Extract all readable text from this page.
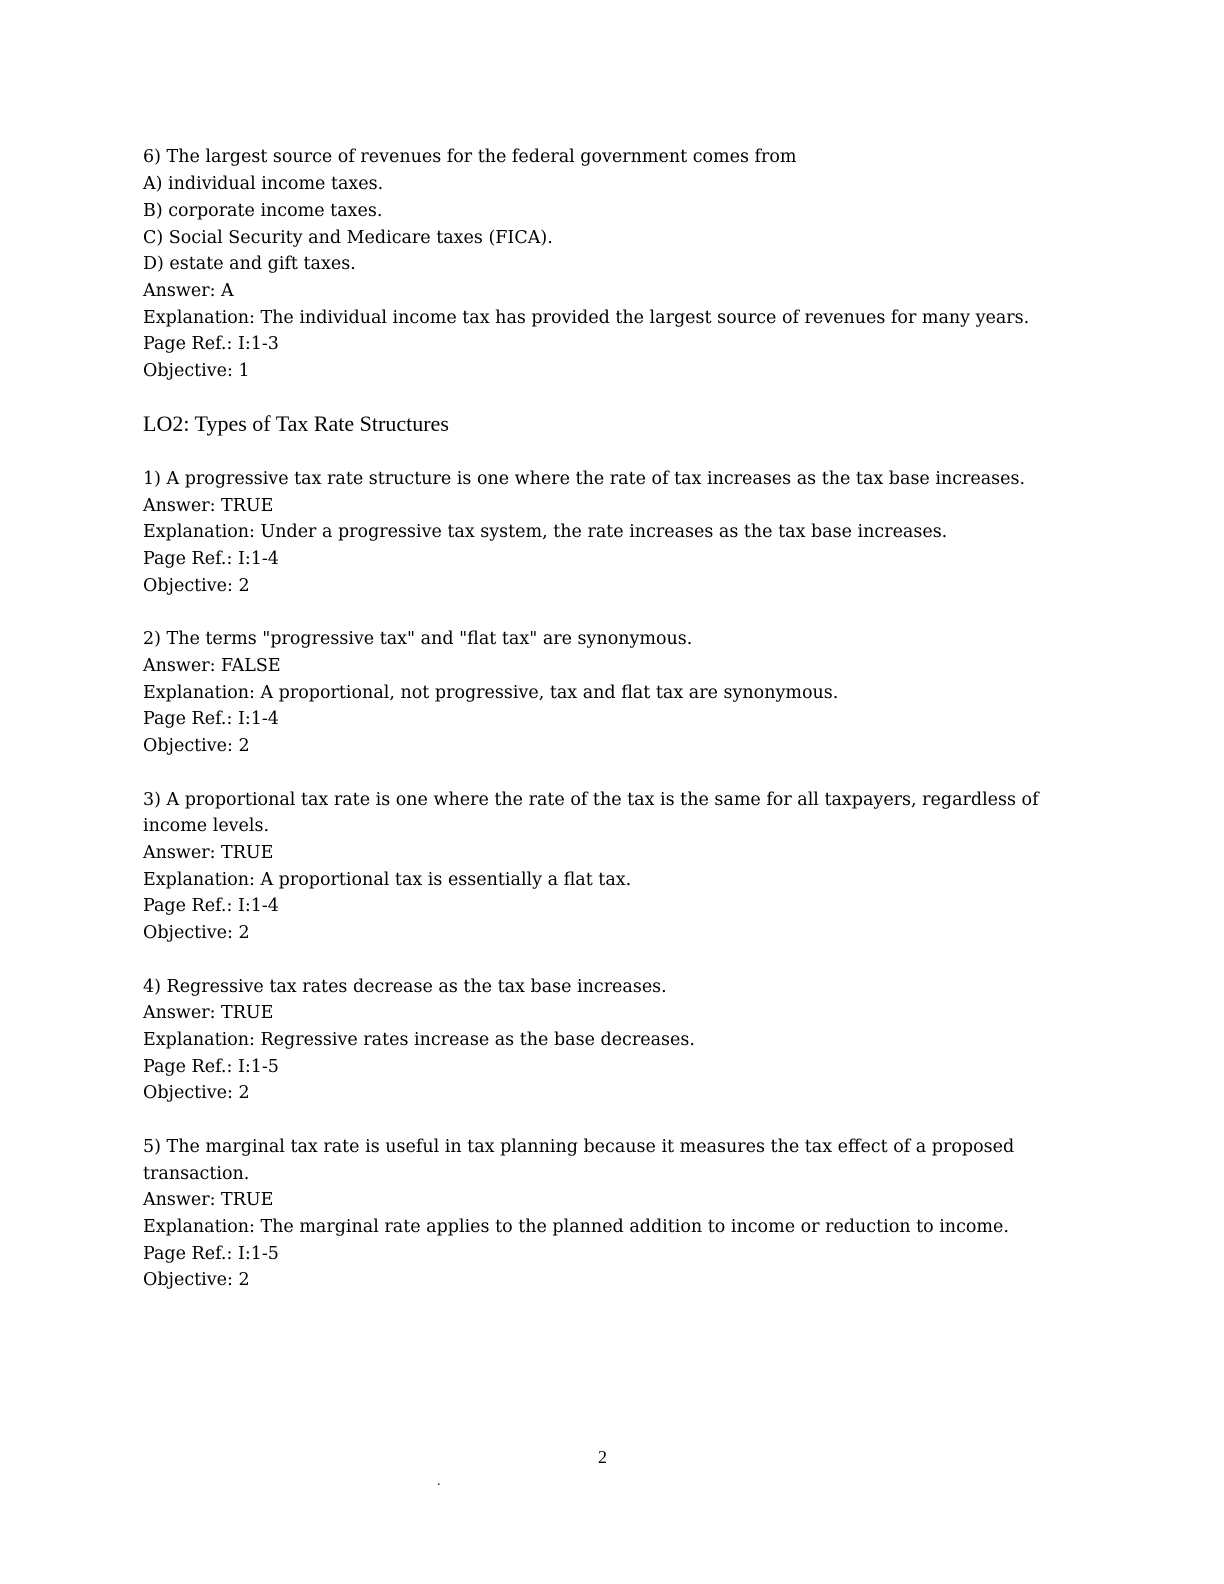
6) The largest source of revenues for the federal government comes from
A) individual income taxes.
B) corporate income taxes.
C) Social Security and Medicare taxes (FICA).
D) estate and gift taxes.
Answer: A
Explanation: The individual income tax has provided the largest source of revenues for many years.
Page Ref.: I:1-3
Objective: 1
LO2: Types of Tax Rate Structures
1) A progressive tax rate structure is one where the rate of tax increases as the tax base increases.
Answer: TRUE
Explanation: Under a progressive tax system, the rate increases as the tax base increases.
Page Ref.: I:1-4
Objective: 2
2) The terms "progressive tax" and "flat tax" are synonymous.
Answer: FALSE
Explanation: A proportional, not progressive, tax and flat tax are synonymous.
Page Ref.: I:1-4
Objective: 2
3) A proportional tax rate is one where the rate of the tax is the same for all taxpayers, regardless of
income levels.
Answer: TRUE
Explanation: A proportional tax is essentially a flat tax.
Page Ref.: I:1-4
Objective: 2
4) Regressive tax rates decrease as the tax base increases.
Answer: TRUE
Explanation: Regressive rates increase as the base decreases.
Page Ref.: I:1-5
Objective: 2
5) The marginal tax rate is useful in tax planning because it measures the tax effect of a proposed
transaction.
Answer: TRUE
Explanation: The marginal rate applies to the planned addition to income or reduction to income.
Page Ref.: I:1-5
Objective: 2
2
.
